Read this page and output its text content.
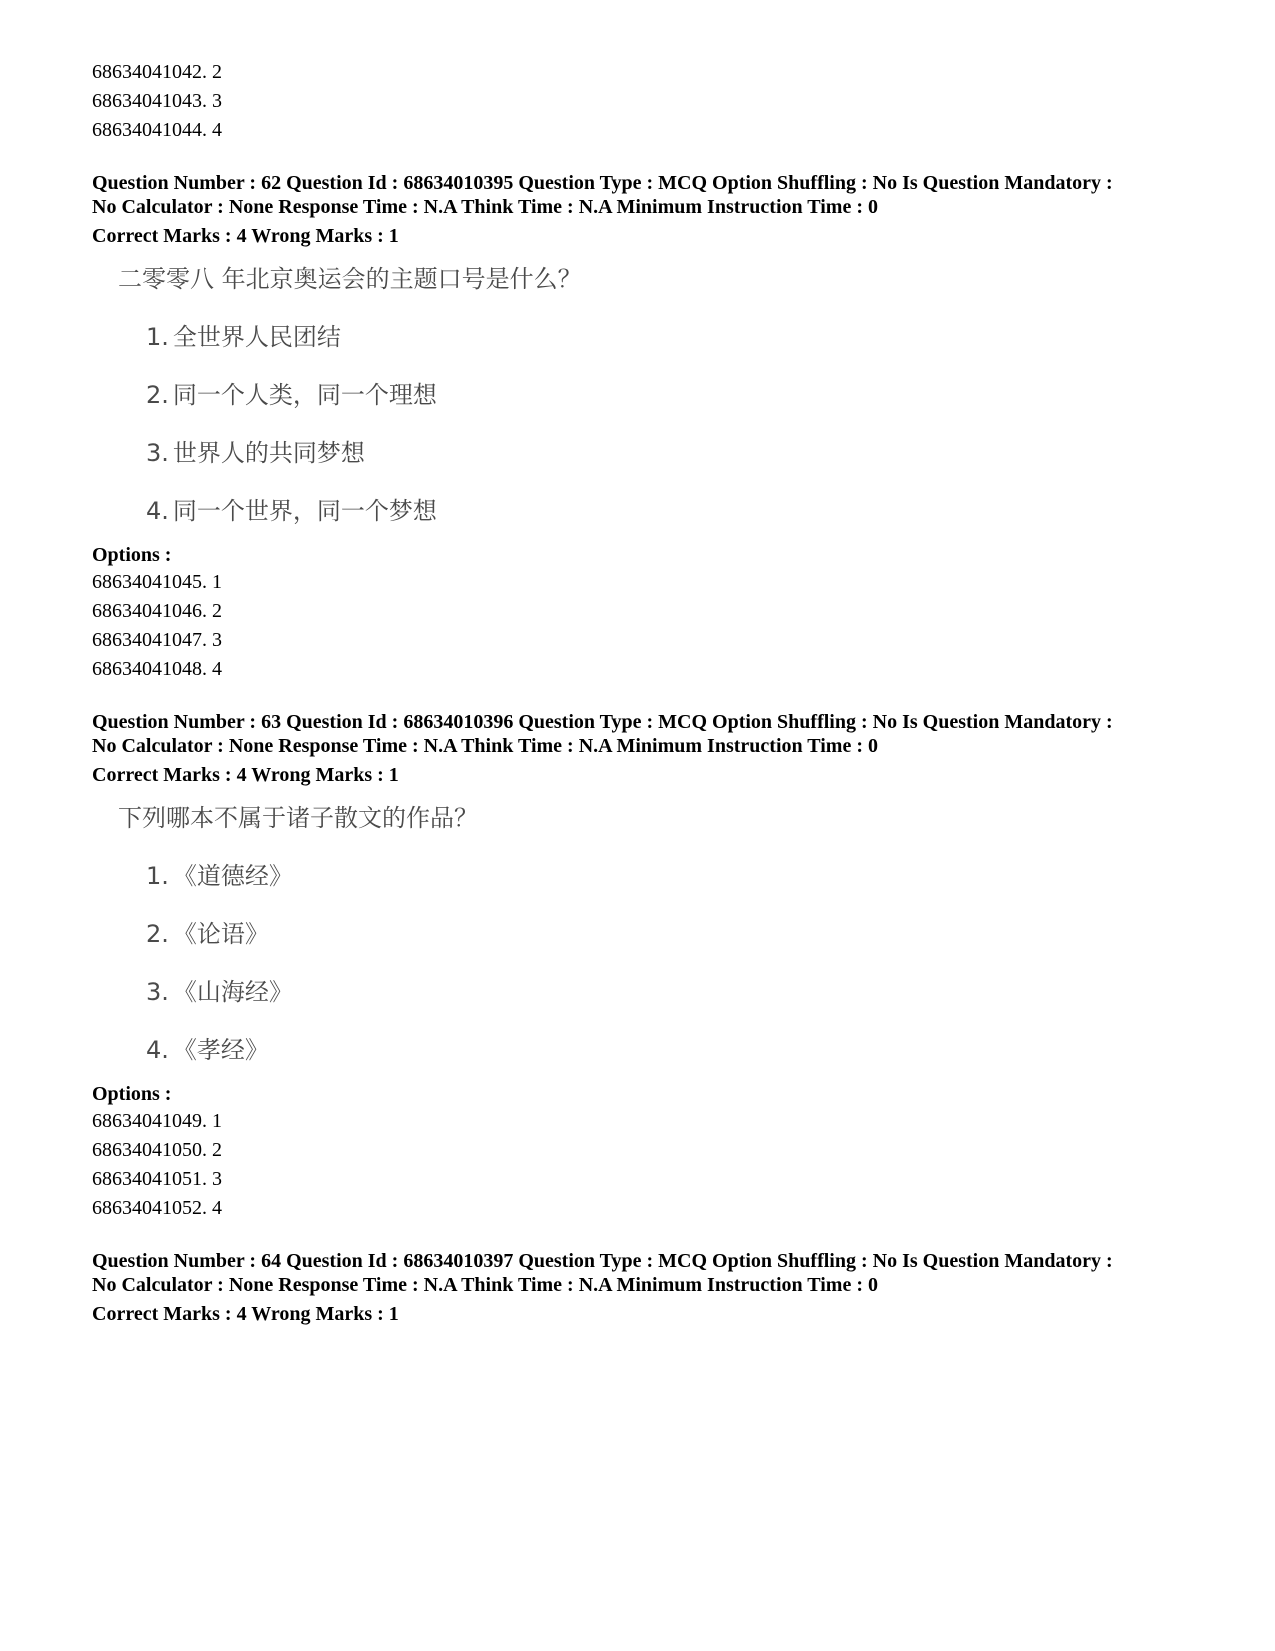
68634041042. 2
68634041043. 3
68634041044. 4
Question Number : 62 Question Id : 68634010395 Question Type : MCQ Option Shuffling : No Is Question Mandatory :
No Calculator : None Response Time : N.A Think Time : N.A Minimum Instruction Time : 0
Correct Marks : 4 Wrong Marks : 1
二零零八 年北京奥运会的主题口号是什么？
1. 全世界人民团结
2. 同一个人类，同一个理想
3. 世界人的共同梦想
4. 同一个世界，同一个梦想
Options :
68634041045. 1
68634041046. 2
68634041047. 3
68634041048. 4
Question Number : 63 Question Id : 68634010396 Question Type : MCQ Option Shuffling : No Is Question Mandatory :
No Calculator : None Response Time : N.A Think Time : N.A Minimum Instruction Time : 0
Correct Marks : 4 Wrong Marks : 1
下列哪本不属于诸子散文的作品？
1. 《道德经》
2. 《论语》
3. 《山海经》
4. 《孝经》
Options :
68634041049. 1
68634041050. 2
68634041051. 3
68634041052. 4
Question Number : 64 Question Id : 68634010397 Question Type : MCQ Option Shuffling : No Is Question Mandatory :
No Calculator : None Response Time : N.A Think Time : N.A Minimum Instruction Time : 0
Correct Marks : 4 Wrong Marks : 1
